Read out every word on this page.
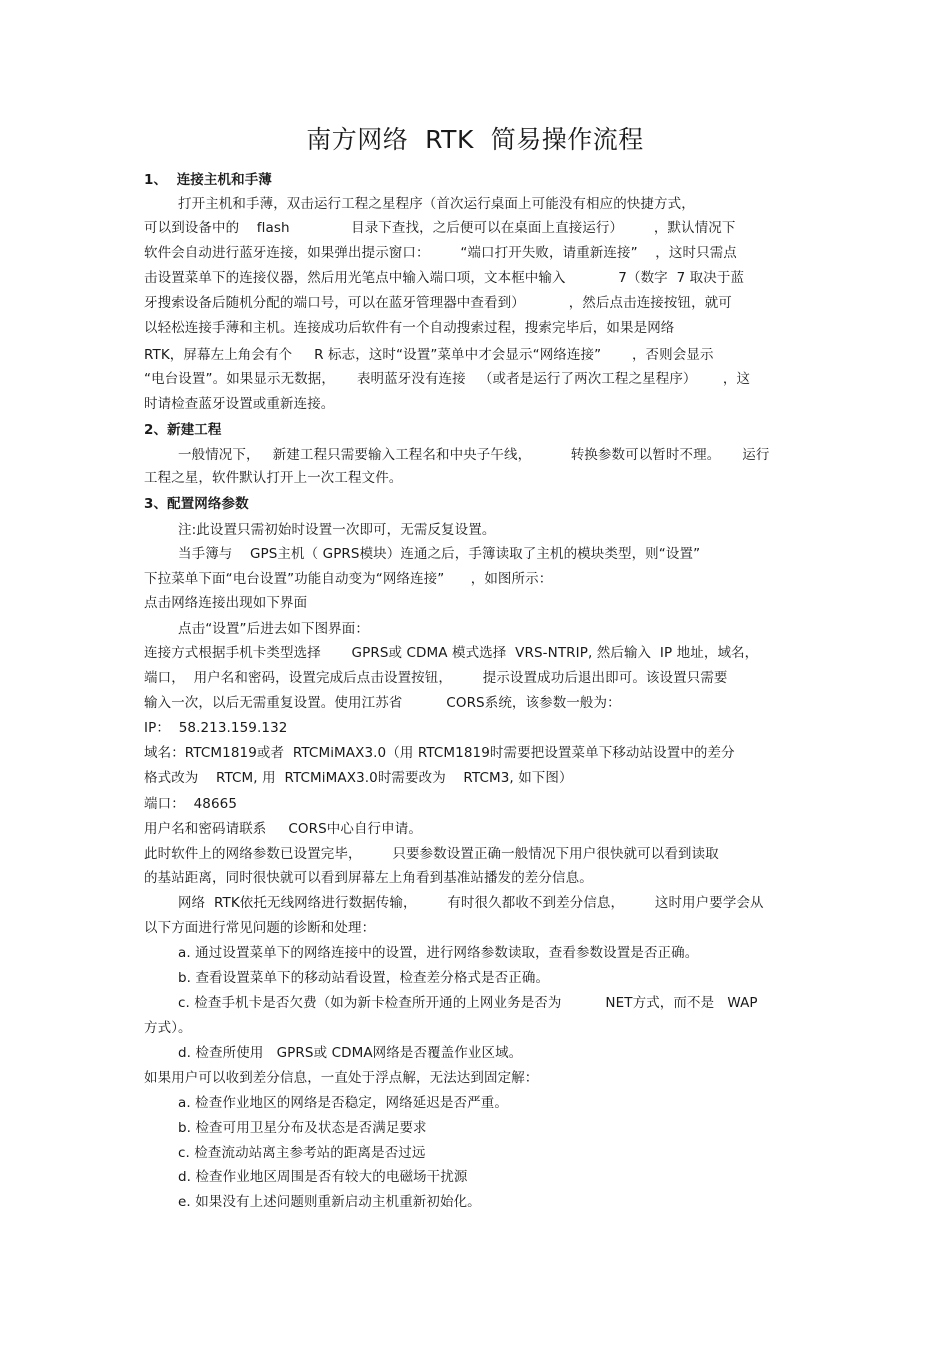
南方网络  RTK  简易操作流程
1、  连接主机和手薄
打开主机和手薄，双击运行工程之星程序（首次运行桌面上可能没有相应的快捷方式，
可以到设备中的    flash              目录下查找，之后便可以在桌面上直接运行）       ，默认情况下
软件会自动进行蓝牙连接，如果弹出提示窗口：       “端口打开失败，请重新连接”    ，这时只需点
击设置菜单下的连接仪器，然后用光笔点中输入端口项，文本框中输入            7（数字  7 取决于蓝
牙搜索设备后随机分配的端口号，可以在蓝牙管理器中查看到）          ，然后点击连接按钮，就可
以轻松连接手薄和主机。连接成功后软件有一个自动搜索过程，搜索完毕后，如果是网络
RTK，屏幕左上角会有个     R 标志，这时“设置”菜单中才会显示“网络连接”       ，否则会显示
“电台设置”。如果显示无数据，     表明蓝牙没有连接   （或者是运行了两次工程之星程序）      ，这
时请检查蓝牙设置或重新连接。
2、新建工程
一般情况下，   新建工程只需要输入工程名和中央子午线，         转换参数可以暂时不理。     运行
工程之星，软件默认打开上一次工程文件。
3、配置网络参数
注:此设置只需初始时设置一次即可，无需反复设置。
当手簿与    GPS主机（ GPRS模块）连通之后，手簿读取了主机的模块类型，则“设置”
下拉菜单下面“电台设置”功能自动变为“网络连接”      ，如图所示：
点击网络连接出现如下界面
点击“设置”后进去如下图界面：
连接方式根据手机卡类型选择       GPRS或 CDMA 模式选择  VRS-NTRIP, 然后输入  IP 地址，域名，
端口，  用户名和密码，设置完成后点击设置按钮，       提示设置成功后退出即可。该设置只需要
输入一次，以后无需重复设置。使用江苏省          CORS系统，该参数一般为：
IP：  58.213.159.132
域名：RTCM1819或者  RTCMiMAX3.0（用 RTCM1819时需要把设置菜单下移动站设置中的差分
格式改为    RTCM, 用  RTCMiMAX3.0时需要改为    RTCM3, 如下图）
端口：  48665
用户名和密码请联系     CORS中心自行申请。
此时软件上的网络参数已设置完毕，       只要参数设置正确一般情况下用户很快就可以看到读取
的基站距离，同时很快就可以看到屏幕左上角看到基准站播发的差分信息。
网络  RTK依托无线网络进行数据传输，       有时很久都收不到差分信息，       这时用户要学会从
以下方面进行常见问题的诊断和处理：
a. 通过设置菜单下的网络连接中的设置，进行网络参数读取，查看参数设置是否正确。
b. 查看设置菜单下的移动站看设置，检查差分格式是否正确。
c. 检查手机卡是否欠费（如为新卡检查所开通的上网业务是否为          NET方式，而不是   WAP
方式）。
d. 检查所使用   GPRS或 CDMA网络是否覆盖作业区域。
如果用户可以收到差分信息，一直处于浮点解，无法达到固定解：
a. 检查作业地区的网络是否稳定，网络延迟是否严重。
b. 检查可用卫星分布及状态是否满足要求
c. 检查流动站离主参考站的距离是否过远
d. 检查作业地区周围是否有较大的电磁场干扰源
e. 如果没有上述问题则重新启动主机重新初始化。
